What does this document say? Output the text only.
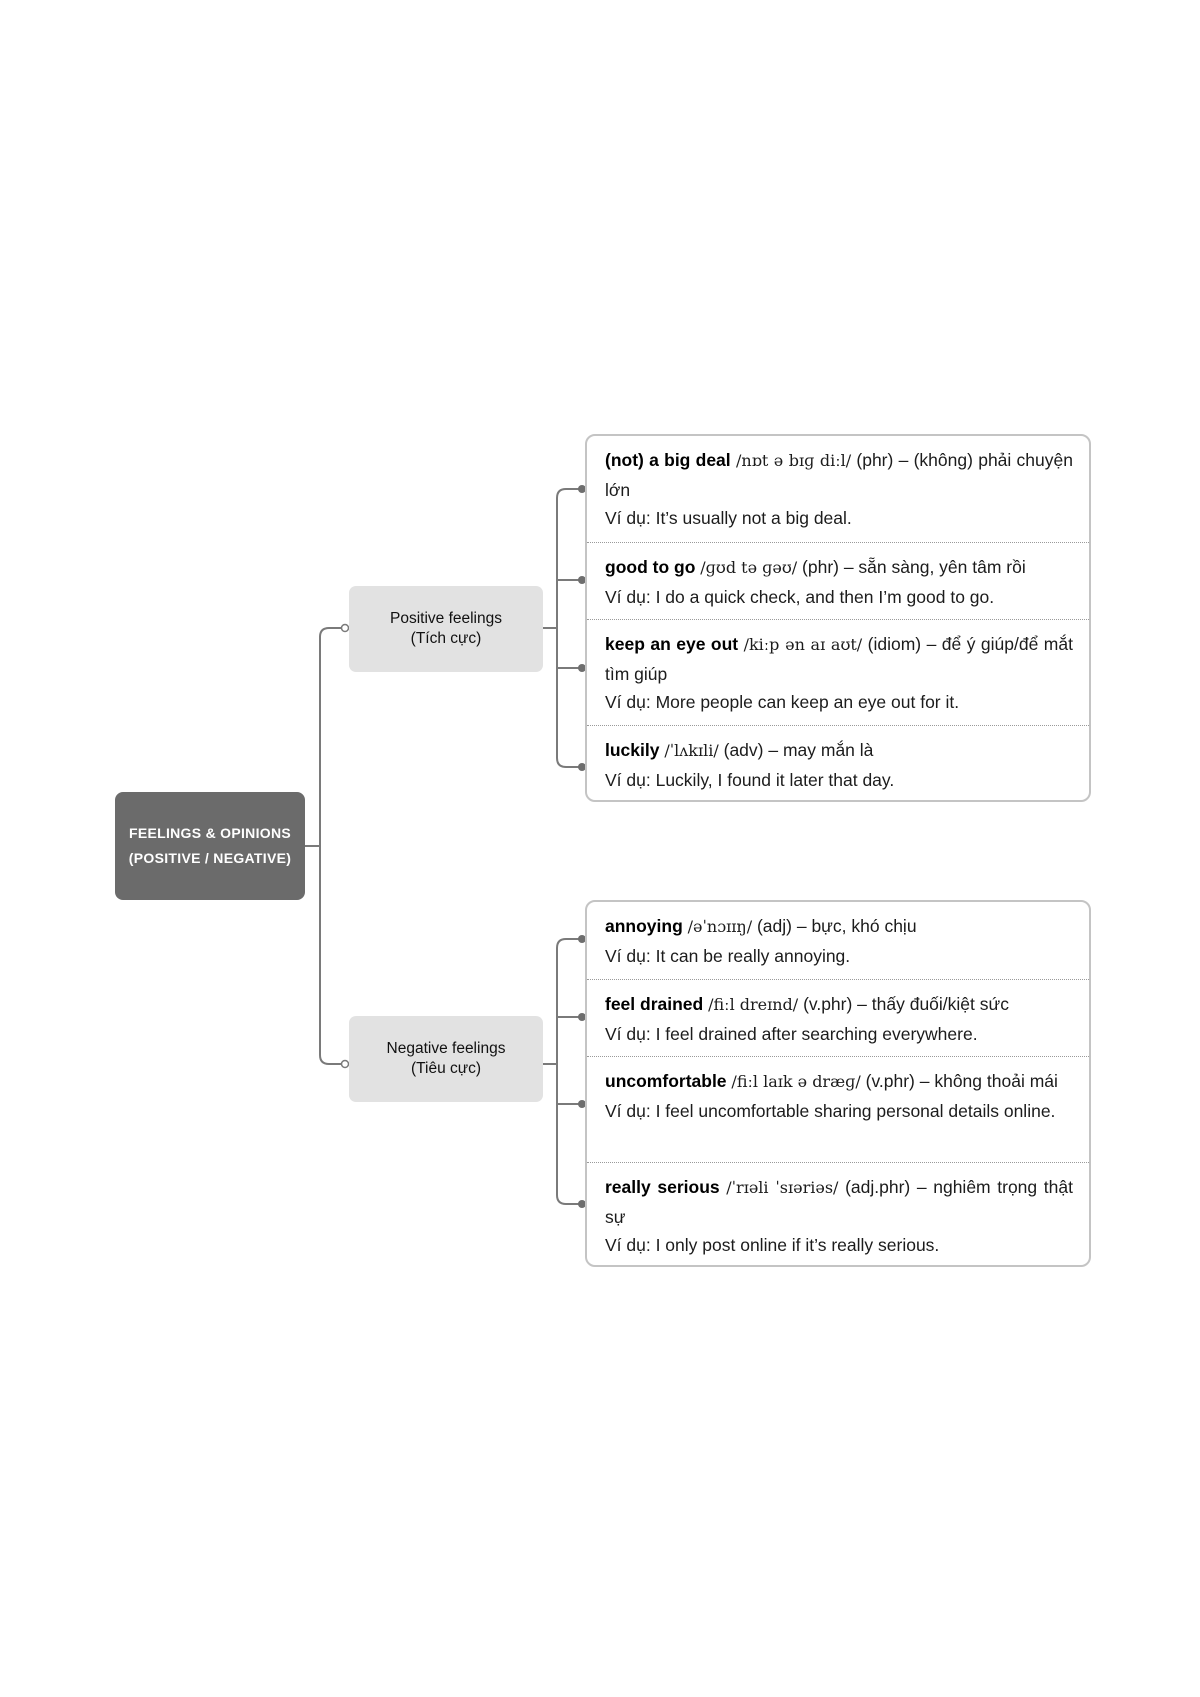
FEELINGS & OPINIONS
(POSITIVE / NEGATIVE)
Positive feelings
(Tích cực)
Negative feelings
(Tiêu cực)
(not) a big deal /nɒt ə bɪɡ diːl/ (phr) – (không) phải chuyện lớn
Ví dụ: It’s usually not a big deal.
good to go /ɡʊd tə ɡəʊ/ (phr) – sẵn sàng, yên tâm rồi
Ví dụ: I do a quick check, and then I’m good to go.
keep an eye out /kiːp ən aɪ aʊt/ (idiom) – để ý giúp/để mắt tìm giúp
Ví dụ: More people can keep an eye out for it.
luckily /ˈlʌkɪli/ (adv) – may mắn là
Ví dụ: Luckily, I found it later that day.
annoying /əˈnɔɪɪŋ/ (adj) – bực, khó chịu
Ví dụ: It can be really annoying.
feel drained /fiːl dreɪnd/ (v.phr) – thấy đuối/kiệt sức
Ví dụ: I feel drained after searching everywhere.
uncomfortable /fiːl laɪk ə dræɡ/ (v.phr) – không thoải mái
Ví dụ: I feel uncomfortable sharing personal details online.
really serious /ˈrɪəli ˈsɪəriəs/ (adj.phr) – nghiêm trọng thật sự
Ví dụ: I only post online if it’s really serious.
